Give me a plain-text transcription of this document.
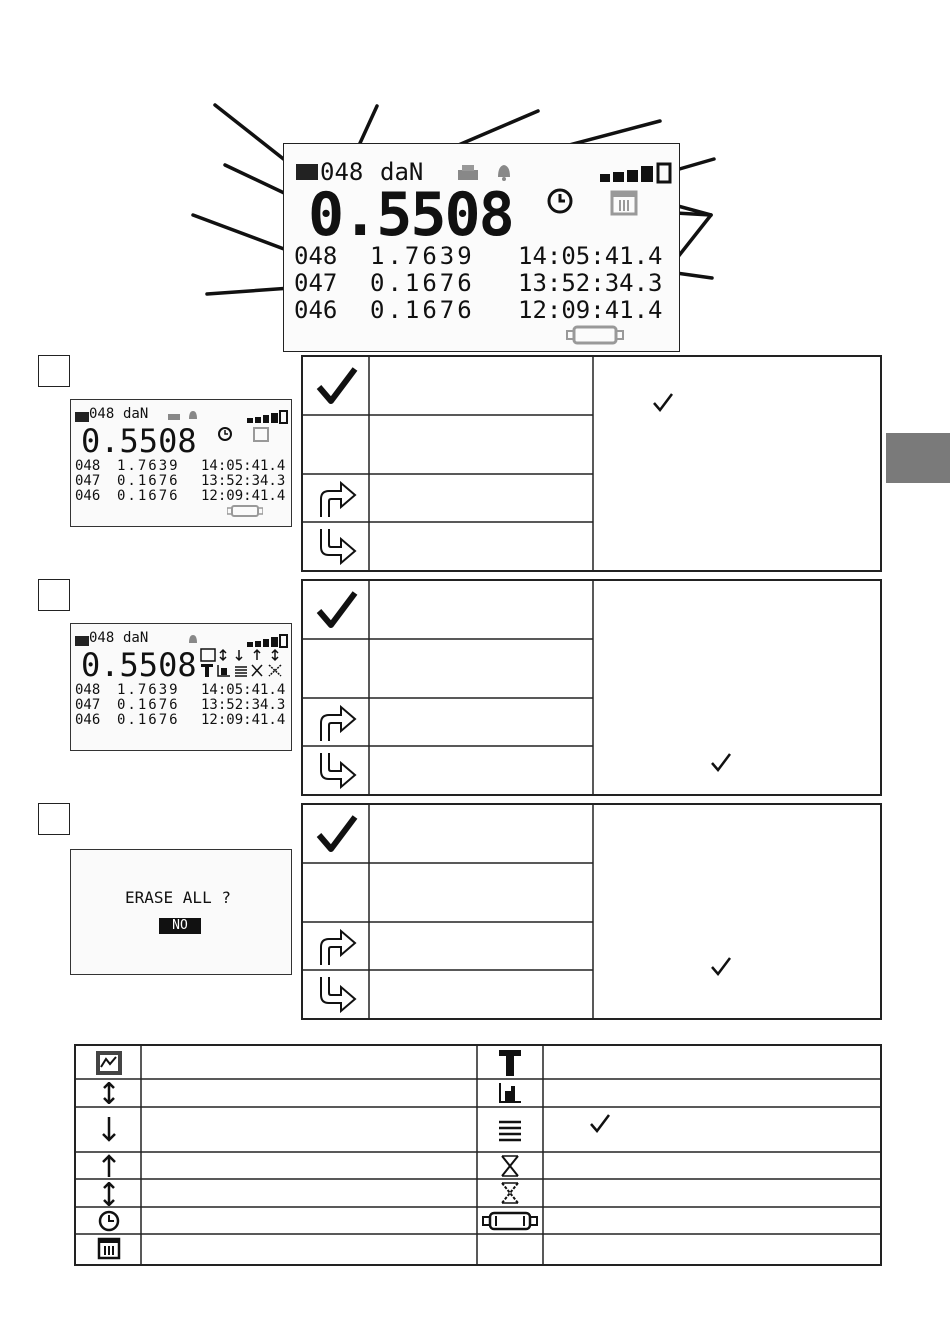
048 daN
0.5508
048 1.7639 14:05:41.4
047 0.1676 13:52:34.3
046 0.1676 12:09:41.4
048 daN
0.5508
048 1.7639 14:05:41.4
047 0.1676 13:52:34.3
046 0.1676 12:09:41.4
048 daN
0.5508
048 1.7639 14:05:41.4
047 0.1676 13:52:34.3
046 0.1676 12:09:41.4
ERASE ALL ?
NO
